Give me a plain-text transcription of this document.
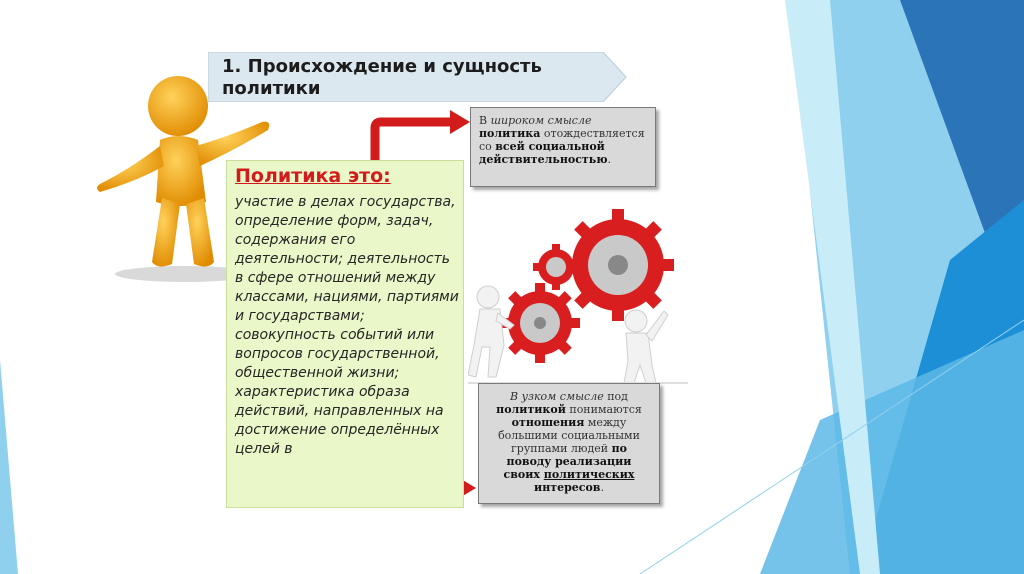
1. Происхождение и сущность политики
Политика это:
участие в делах государства, определение форм, задач, содержания его деятельности; деятельность в сфере отношений между классами, нациями, партиями и государствами; совокупность событий или вопросов государственной, общественной жизни; характеристика образа действий, направленных на достижение определённых целей в
В широком смысле
политика отождествляется со всей социальной действительностью.
В узком смысле под политикой понимаются отношения между большими социальными группами людей по поводу реализации своих политических интересов.
